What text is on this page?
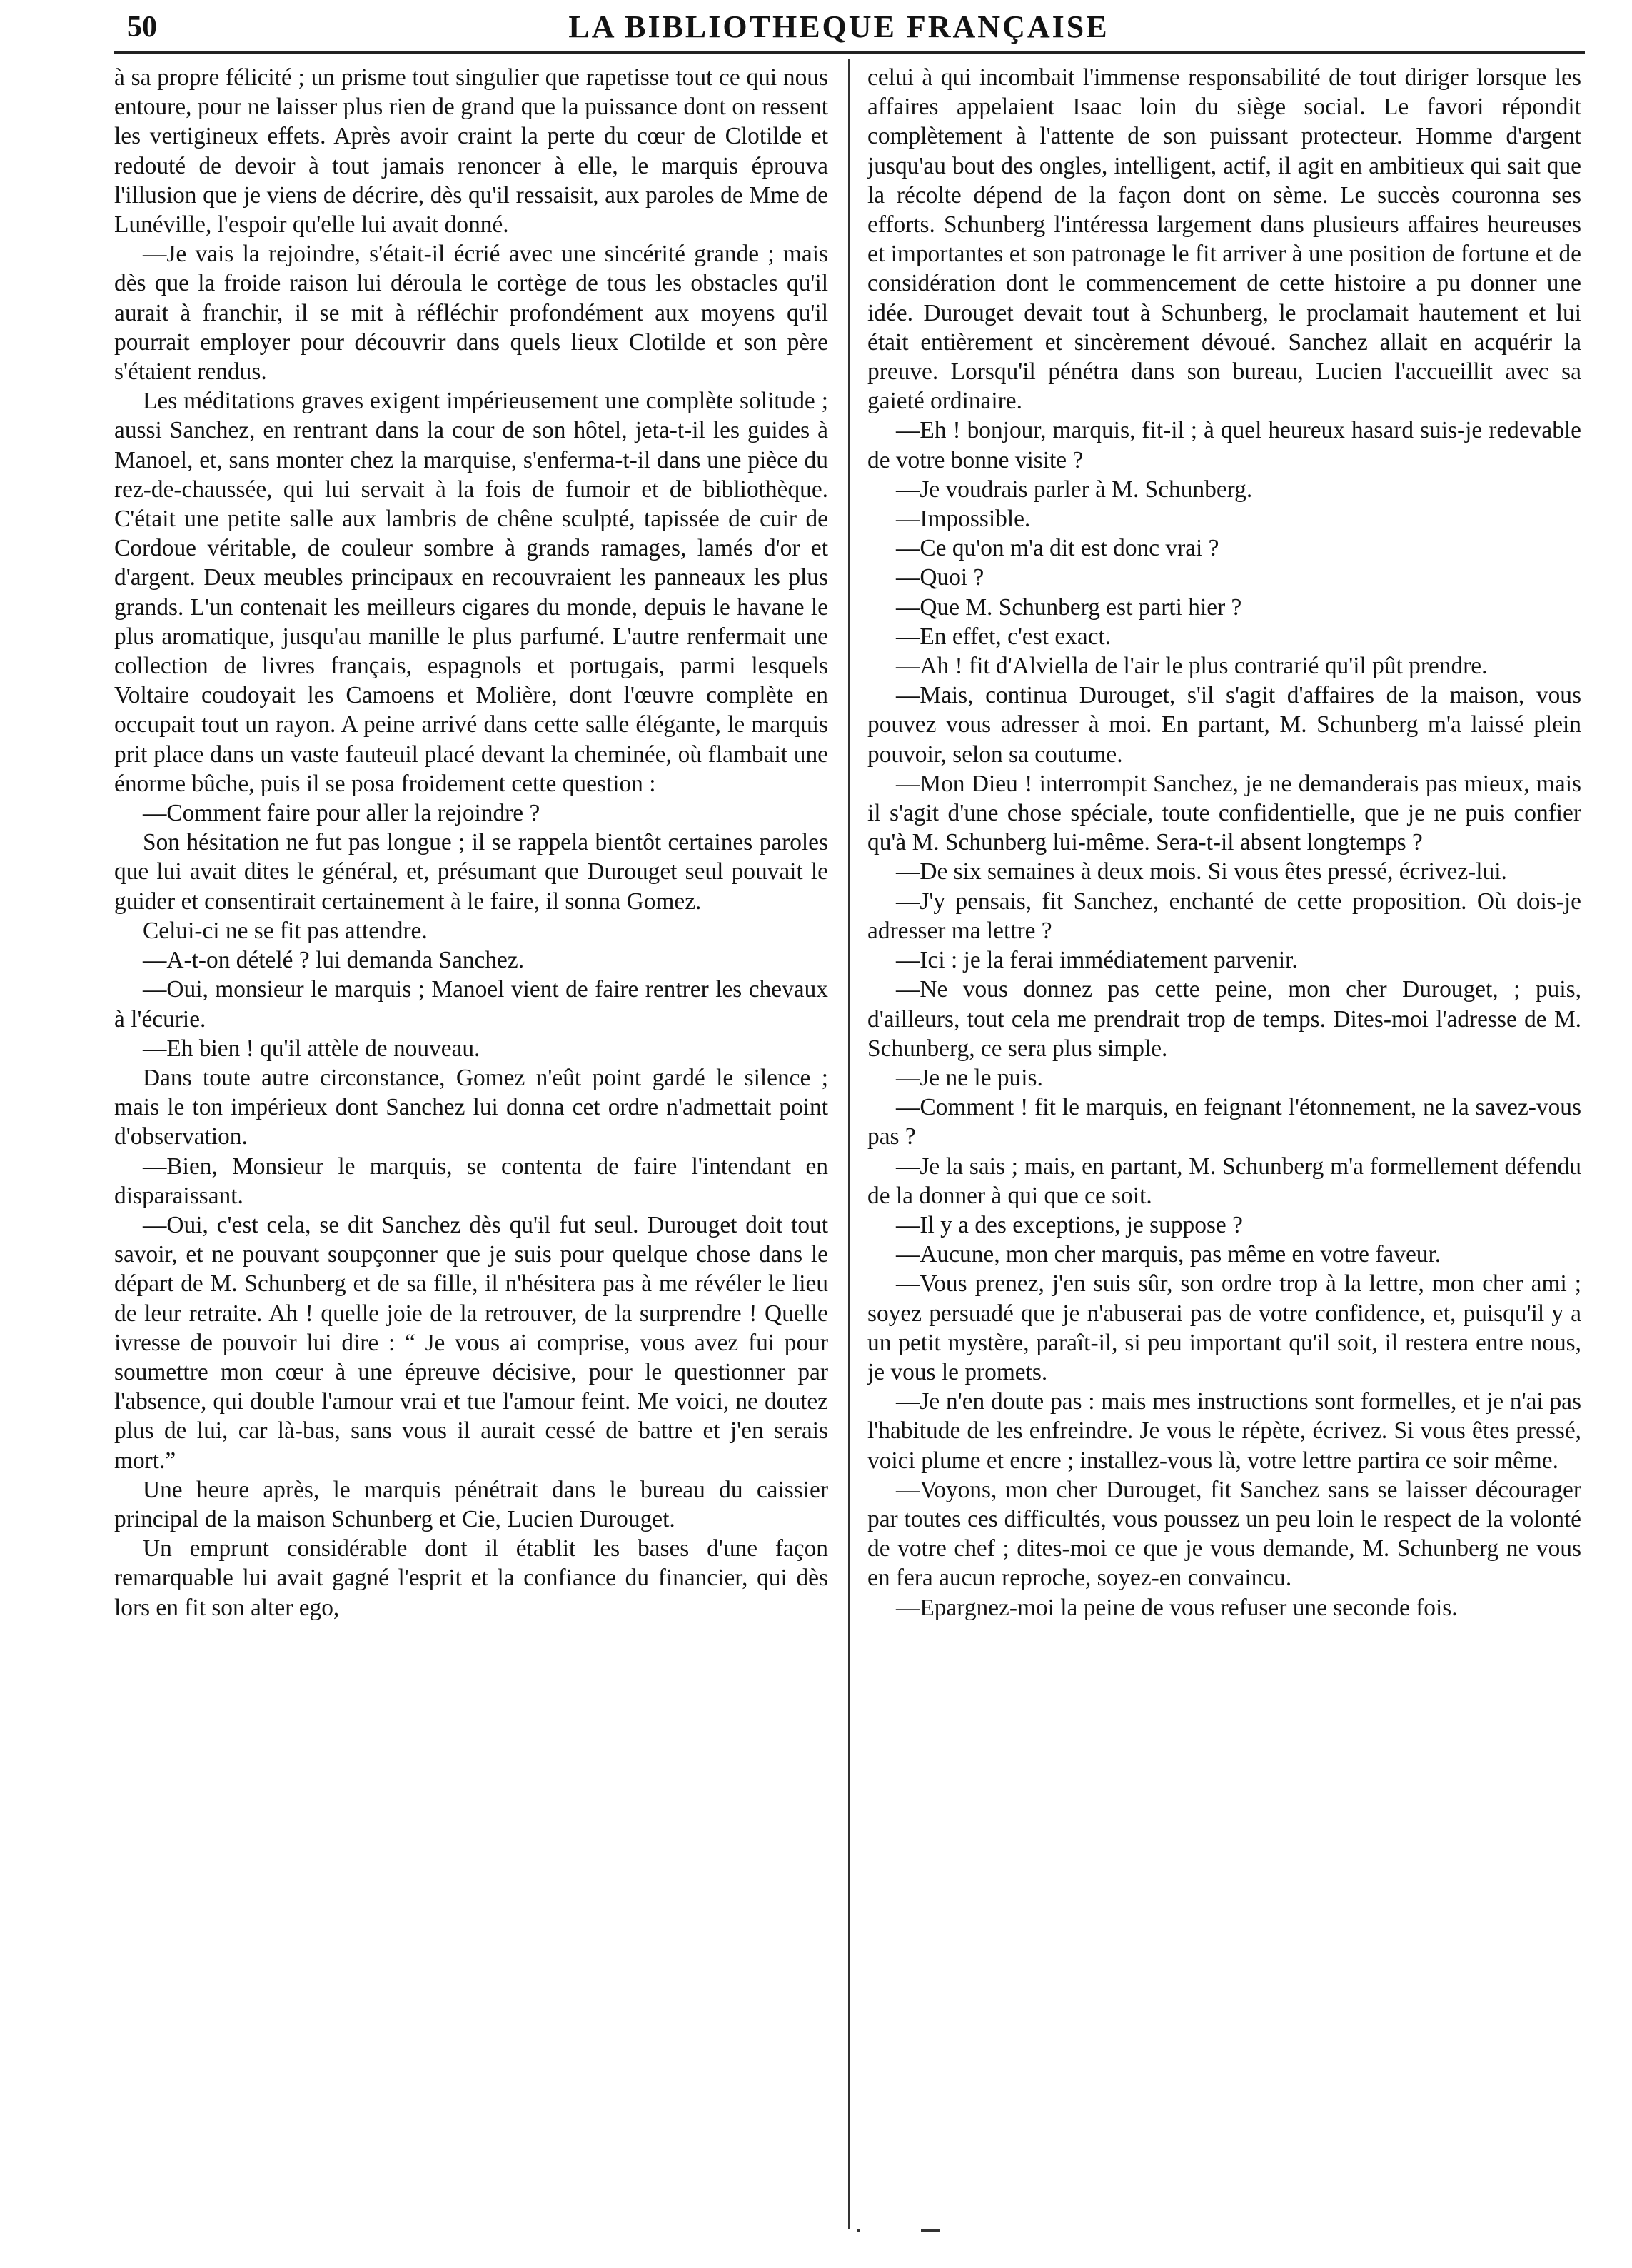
50	LA BIBLIOTHEQUE FRANÇAISE

à sa propre félicité ; un prisme tout singulier que rapetisse tout ce qui nous entoure, pour ne laisser plus rien de grand que la puissance dont on ressent les vertigineux effets. Après avoir craint la perte du cœur de Clotilde et redouté de devoir à tout jamais renoncer à elle, le marquis éprouva l'illusion que je viens de décrire, dès qu'il ressaisit, aux paroles de Mme de Lunéville, l'espoir qu'elle lui avait donné.

—Je vais la rejoindre, s'était-il écrié avec une sincérité grande ; mais dès que la froide raison lui déroula le cortège de tous les obstacles qu'il aurait à franchir, il se mit à réfléchir profondément aux moyens qu'il pourrait employer pour découvrir dans quels lieux Clotilde et son père s'étaient rendus.

Les méditations graves exigent impérieusement une complète solitude ; aussi Sanchez, en rentrant dans la cour de son hôtel, jeta-t-il les guides à Manoel, et, sans monter chez la marquise, s'enferma-t-il dans une pièce du rez-de-chaussée, qui lui servait à la fois de fumoir et de bibliothèque. C'était une petite salle aux lambris de chêne sculpté, tapissée de cuir de Cordoue véritable, de couleur sombre à grands ramages, lamés d'or et d'argent. Deux meubles principaux en recouvraient les panneaux les plus grands. L'un contenait les meilleurs cigares du monde, depuis le havane le plus aromatique, jusqu'au manille le plus parfumé. L'autre renfermait une collection de livres français, espagnols et portugais, parmi lesquels Voltaire coudoyait les Camoens et Molière, dont l'œuvre complète en occupait tout un rayon. A peine arrivé dans cette salle élégante, le marquis prit place dans un vaste fauteuil placé devant la cheminée, où flambait une énorme bûche, puis il se posa froidement cette question :

—Comment faire pour aller la rejoindre ?

Son hésitation ne fut pas longue ; il se rappela bientôt certaines paroles que lui avait dites le général, et, présumant que Durouget seul pouvait le guider et consentirait certainement à le faire, il sonna Gomez.

Celui-ci ne se fit pas attendre.

—A-t-on dételé ? lui demanda Sanchez.

—Oui, monsieur le marquis ; Manoel vient de faire rentrer les chevaux à l'écurie.

—Eh bien ! qu'il attèle de nouveau.

Dans toute autre circonstance, Gomez n'eût point gardé le silence ; mais le ton impérieux dont Sanchez lui donna cet ordre n'admettait point d'observation.

—Bien, Monsieur le marquis, se contenta de faire l'intendant en disparaissant.

—Oui, c'est cela, se dit Sanchez dès qu'il fut seul. Durouget doit tout savoir, et ne pouvant soupçonner que je suis pour quelque chose dans le départ de M. Schunberg et de sa fille, il n'hésitera pas à me révéler le lieu de leur retraite. Ah ! quelle joie de la retrouver, de la surprendre ! Quelle ivresse de pouvoir lui dire : “ Je vous ai comprise, vous avez fui pour soumettre mon cœur à une épreuve décisive, pour le questionner par l'absence, qui double l'amour vrai et tue l'amour feint. Me voici, ne doutez plus de lui, car là-bas, sans vous il aurait cessé de battre et j'en serais mort.”

Une heure après, le marquis pénétrait dans le bureau du caissier principal de la maison Schunberg et Cie, Lucien Durouget.

Un emprunt considérable dont il établit les bases d'une façon remarquable lui avait gagné l'esprit et la confiance du financier, qui dès lors en fit son alter ego,

celui à qui incombait l'immense responsabilité de tout diriger lorsque les affaires appelaient Isaac loin du siège social. Le favori répondit complètement à l'attente de son puissant protecteur. Homme d'argent jusqu'au bout des ongles, intelligent, actif, il agit en ambitieux qui sait que la récolte dépend de la façon dont on sème. Le succès couronna ses efforts. Schunberg l'intéressa largement dans plusieurs affaires heureuses et importantes et son patronage le fit arriver à une position de fortune et de considération dont le commencement de cette histoire a pu donner une idée. Durouget devait tout à Schunberg, le proclamait hautement et lui était entièrement et sincèrement dévoué. Sanchez allait en acquérir la preuve. Lorsqu'il pénétra dans son bureau, Lucien l'accueillit avec sa gaieté ordinaire.

—Eh ! bonjour, marquis, fit-il ; à quel heureux hasard suis-je redevable de votre bonne visite ?

—Je voudrais parler à M. Schunberg.

—Impossible.

—Ce qu'on m'a dit est donc vrai ?

—Quoi ?

—Que M. Schunberg est parti hier ?

—En effet, c'est exact.

—Ah ! fit d'Alviella de l'air le plus contrarié qu'il pût prendre.

—Mais, continua Durouget, s'il s'agit d'affaires de la maison, vous pouvez vous adresser à moi. En partant, M. Schunberg m'a laissé plein pouvoir, selon sa coutume.

—Mon Dieu ! interrompit Sanchez, je ne demanderais pas mieux, mais il s'agit d'une chose spéciale, toute confidentielle, que je ne puis confier qu'à M. Schunberg lui-même. Sera-t-il absent longtemps ?

—De six semaines à deux mois. Si vous êtes pressé, écrivez-lui.

—J'y pensais, fit Sanchez, enchanté de cette proposition. Où dois-je adresser ma lettre ?

—Ici : je la ferai immédiatement parvenir.

—Ne vous donnez pas cette peine, mon cher Durouget, ; puis, d'ailleurs, tout cela me prendrait trop de temps. Dites-moi l'adresse de M. Schunberg, ce sera plus simple.

—Je ne le puis.

—Comment ! fit le marquis, en feignant l'étonnement, ne la savez-vous pas ?

—Je la sais ; mais, en partant, M. Schunberg m'a formellement défendu de la donner à qui que ce soit.

—Il y a des exceptions, je suppose ?

—Aucune, mon cher marquis, pas même en votre faveur.

—Vous prenez, j'en suis sûr, son ordre trop à la lettre, mon cher ami ; soyez persuadé que je n'abuserai pas de votre confidence, et, puisqu'il y a un petit mystère, paraît-il, si peu important qu'il soit, il restera entre nous, je vous le promets.

—Je n'en doute pas : mais mes instructions sont formelles, et je n'ai pas l'habitude de les enfreindre. Je vous le répète, écrivez. Si vous êtes pressé, voici plume et encre ; installez-vous là, votre lettre partira ce soir même.

—Voyons, mon cher Durouget, fit Sanchez sans se laisser décourager par toutes ces difficultés, vous poussez un peu loin le respect de la volonté de votre chef ; dites-moi ce que je vous demande, M. Schunberg ne vous en fera aucun reproche, soyez-en convaincu.

—Epargnez-moi la peine de vous refuser une seconde fois.
